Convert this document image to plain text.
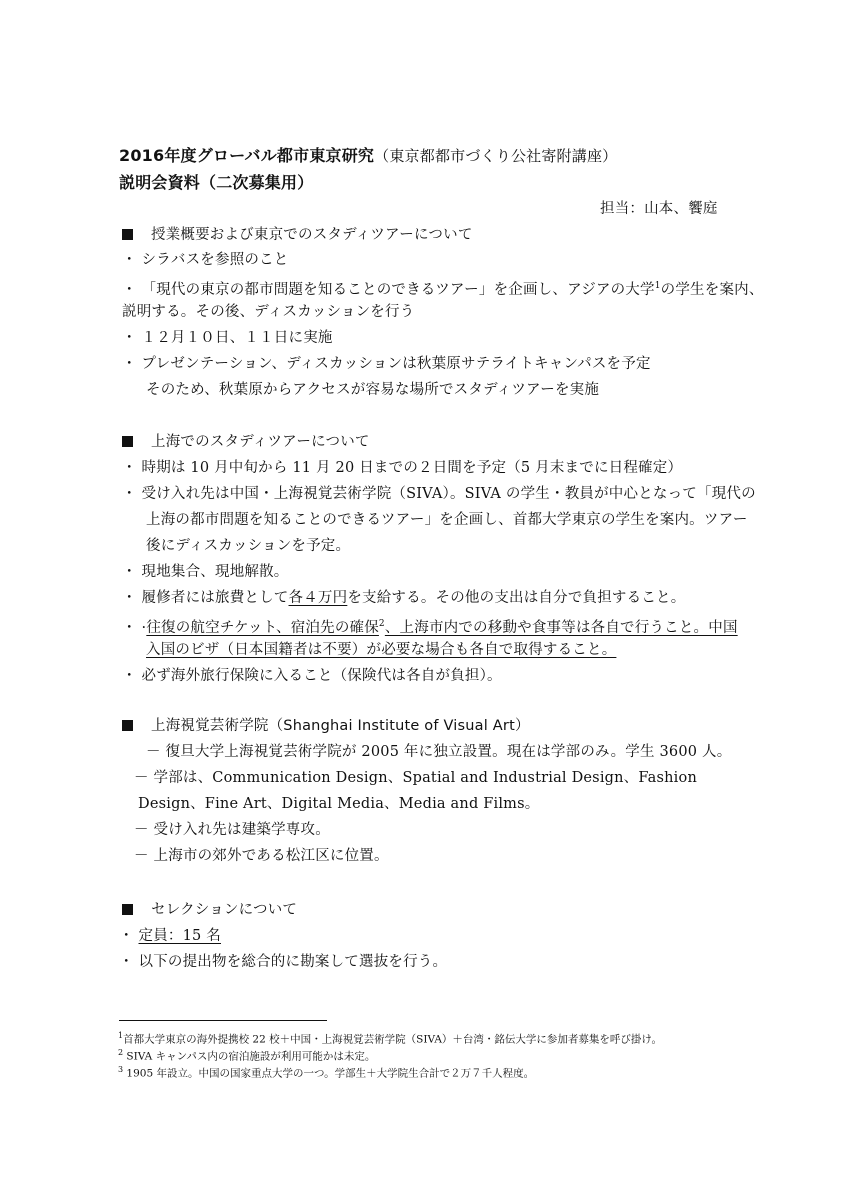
2016年度グローバル都市東京研究（東京都都市づくり公社寄附講座）
説明会資料（二次募集用）
担当：山本、饗庭
授業概要および東京でのスタディツアーについて
・ シラバスを参照のこと
・ 「現代の東京の都市問題を知ることのできるツアー」を企画し、アジアの大学$^1$の学生を案内、
説明する。その後、ディスカッションを行う
・ １２月１０日、１１日に実施
・ プレゼンテーション、ディスカッションは秋葉原サテライトキャンパスを予定
そのため、秋葉原からアクセスが容易な場所でスタディツアーを実施
上海でのスタディツアーについて
・ 時期は 10 月中旬から 11 月 20 日までの２日間を予定（5 月末までに日程確定）
・ 受け入れ先は中国・上海視覚芸術学院（SIVA）。SIVA の学生・教員が中心となって「現代の
上海の都市問題を知ることのできるツアー」を企画し、首都大学東京の学生を案内。ツアー
後にディスカッションを予定。
・ 現地集合、現地解散。
・ 履修者には旅費として各４万円を支給する。その他の支出は自分で負担すること。
・ ·往復の航空チケット、宿泊先の確保$^2$、上海市内での移動や食事等は各自で行うこと。中国
入国のビザ（日本国籍者は不要）が必要な場合も各自で取得すること。
・ 必ず海外旅行保険に入ること（保険代は各自が負担）。
上海視覚芸術学院（Shanghai Institute of Visual Art）
－ 復旦大学上海視覚芸術学院が 2005 年に独立設置。現在は学部のみ。学生 3600 人。
－ 学部は、Communication Design、Spatial and Industrial Design、Fashion
Design、Fine Art、Digital Media、Media and Films。
－ 受け入れ先は建築学専攻。
－ 上海市の郊外である松江区に位置。
セレクションについて
・ 定員：15 名
・ 以下の提出物を総合的に勘案して選抜を行う。
$^1$首都大学東京の海外提携校 22 校＋中国・上海視覚芸術学院（SIVA）＋台湾・銘伝大学に参加者募集を呼び掛け。
$^2$ SIVA キャンパス内の宿泊施設が利用可能かは未定。
$^3$ 1905 年設立。中国の国家重点大学の一つ。学部生＋大学院生合計で２万７千人程度。
